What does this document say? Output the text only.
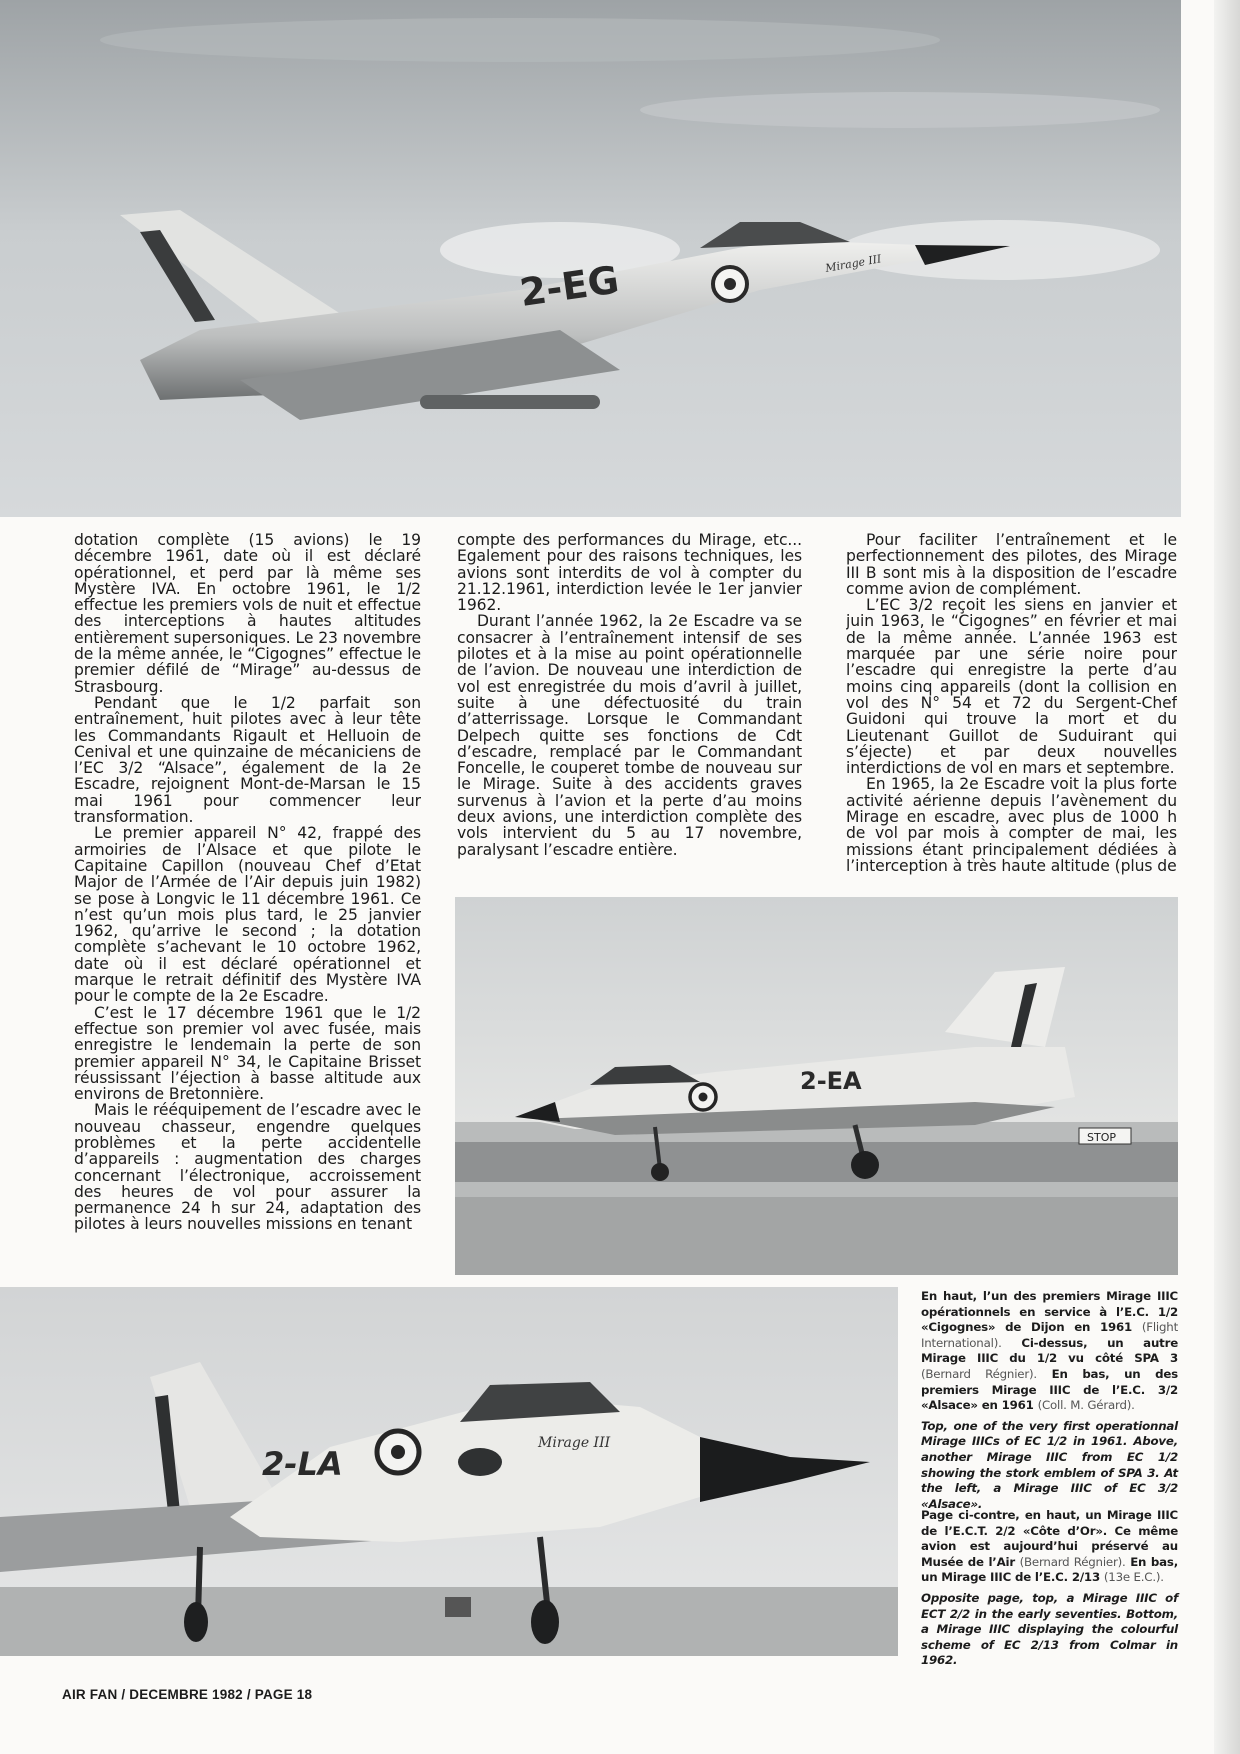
2-EG	Mirage III

dotation complète (15 avions) le 19 décembre 1961, date où il est déclaré opérationnel, et perd par là même ses Mystère IVA. En octobre 1961, le 1/2 effectue les premiers vols de nuit et effectue des interceptions à hautes altitudes entièrement supersoniques. Le 23 novembre de la même année, le “Cigognes” effectue le premier défilé de “Mirage” au-dessus de Strasbourg.

Pendant que le 1/2 parfait son entraînement, huit pilotes avec à leur tête les Commandants Rigault et Helluoin de Cenival et une quinzaine de mécaniciens de l’EC 3/2 “Alsace”, également de la 2e Escadre, rejoignent Mont-de-Marsan le 15 mai 1961 pour commencer leur transformation.

Le premier appareil N° 42, frappé des armoiries de l’Alsace et que pilote le Capitaine Capillon (nouveau Chef d’Etat Major de l’Armée de l’Air depuis juin 1982) se pose à Longvic le 11 décembre 1961. Ce n’est qu’un mois plus tard, le 25 janvier 1962, qu’arrive le second ; la dotation complète s’achevant le 10 octobre 1962, date où il est déclaré opérationnel et marque le retrait définitif des Mystère IVA pour le compte de la 2e Escadre.

C’est le 17 décembre 1961 que le 1/2 effectue son premier vol avec fusée, mais enregistre le lendemain la perte de son premier appareil N° 34, le Capitaine Brisset réussissant l’éjection à basse altitude aux environs de Bretonnière.

Mais le rééquipement de l’escadre avec le nouveau chasseur, engendre quelques problèmes et la perte accidentelle d’appareils : augmentation des charges concernant l’électronique, accroissement des heures de vol pour assurer la permanence 24 h sur 24, adaptation des pilotes à leurs nouvelles missions en tenant

compte des performances du Mirage, etc... Egalement pour des raisons techniques, les avions sont interdits de vol à compter du 21.12.1961, interdiction levée le 1er janvier 1962.

Durant l’année 1962, la 2e Escadre va se consacrer à l’entraînement intensif de ses pilotes et à la mise au point opérationnelle de l’avion. De nouveau une interdiction de vol est enregistrée du mois d’avril à juillet, suite à une défectuosité du train d’atterrissage. Lorsque le Commandant Delpech quitte ses fonctions de Cdt d’escadre, remplacé par le Commandant Foncelle, le couperet tombe de nouveau sur le Mirage. Suite à des accidents graves survenus à l’avion et la perte d’au moins deux avions, une interdiction complète des vols intervient du 5 au 17 novembre, paralysant l’escadre entière.

Pour faciliter l’entraînement et le perfectionnement des pilotes, des Mirage III B sont mis à la disposition de l’escadre comme avion de complément.

L’EC 3/2 reçoit les siens en janvier et juin 1963, le “Cigognes” en février et mai de la même année. L’année 1963 est marquée par une série noire pour l’escadre qui enregistre la perte d’au moins cinq appareils (dont la collision en vol des N° 54 et 72 du Sergent-Chef Guidoni qui trouve la mort et du Lieutenant Guillot de Suduirant qui s’éjecte) et par deux nouvelles interdictions de vol en mars et septembre.

En 1965, la 2e Escadre voit la plus forte activité aérienne depuis l’avènement du Mirage en escadre, avec plus de 1000 h de vol par mois à compter de mai, les missions étant principalement dédiées à l’interception à très haute altitude (plus de

2-EA
STOP
2-LA
Mirage III

En haut, l’un des premiers Mirage IIIC opérationnels en service à l’E.C. 1/2 «Cigognes» de Dijon en 1961 (Flight International). Ci-dessus, un autre Mirage IIIC du 1/2 vu côté SPA 3 (Bernard Régnier). En bas, un des premiers Mirage IIIC de l’E.C. 3/2 «Alsace» en 1961 (Coll. M. Gérard).

Top, one of the very first operationnal Mirage IIICs of EC 1/2 in 1961. Above, another Mirage IIIC from EC 1/2 showing the stork emblem of SPA 3. At the left, a Mirage IIIC of EC 3/2 «Alsace».

Page ci-contre, en haut, un Mirage IIIC de l’E.C.T. 2/2 «Côte d’Or». Ce même avion est aujourd’hui préservé au Musée de l’Air (Bernard Régnier). En bas, un Mirage IIIC de l’E.C. 2/13 (13e E.C.).

Opposite page, top, a Mirage IIIC of ECT 2/2 in the early seventies. Bottom, a Mirage IIIC displaying the colourful scheme of EC 2/13 from Colmar in 1962.

AIR FAN / DECEMBRE 1982 / PAGE 18
